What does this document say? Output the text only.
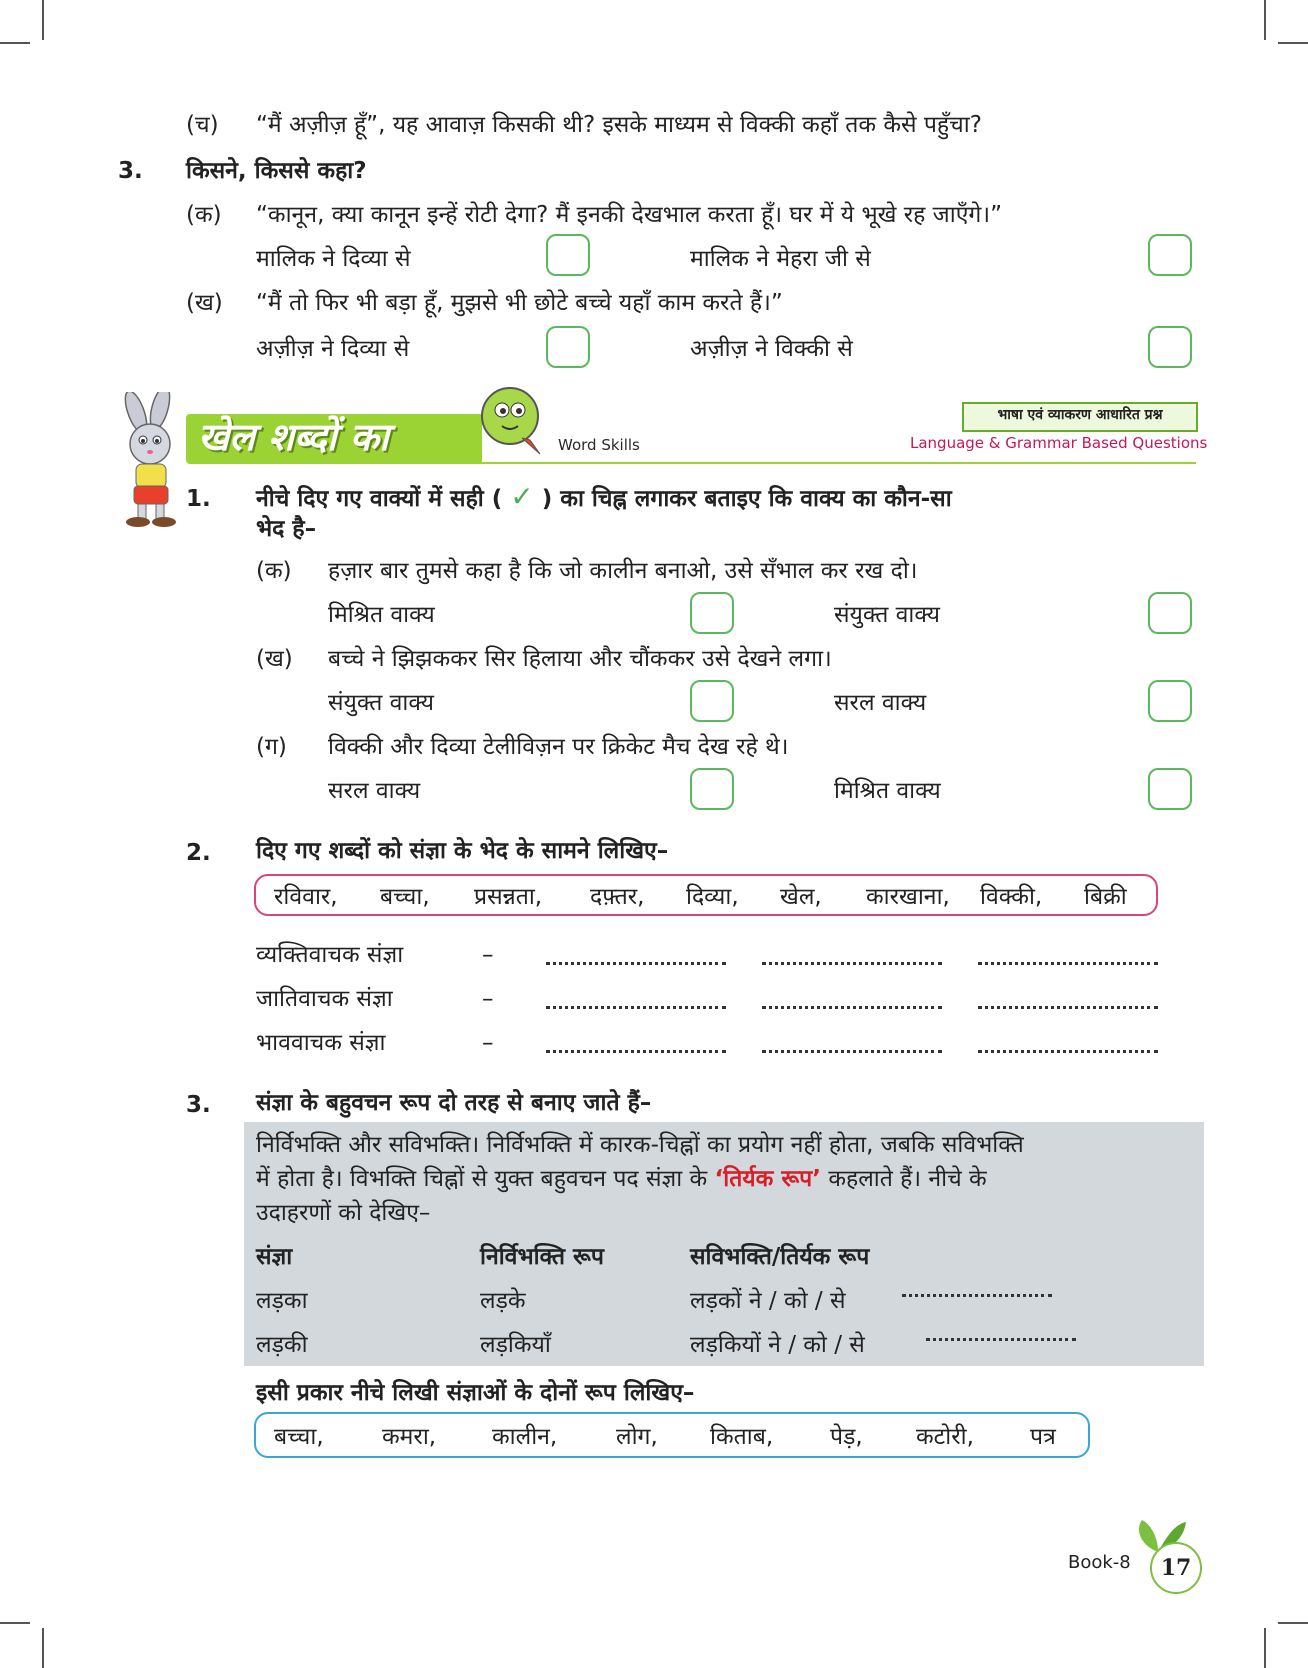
(च) “मैं अज़ीज़ हूँ”, यह आवाज़ किसकी थी? इसके माध्यम से विक्की कहाँ तक कैसे पहुँचा?
3. किसने, किससे कहा?
(क) “कानून, क्या कानून इन्हें रोटी देगा? मैं इनकी देखभाल करता हूँ। घर में ये भूखे रह जाएँगे।”
मालिक ने दिव्या से	मालिक ने मेहरा जी से
(ख) “मैं तो फिर भी बड़ा हूँ, मुझसे भी छोटे बच्चे यहाँ काम करते हैं।”
अज़ीज़ ने दिव्या से	अज़ीज़ ने विक्की से
खेल शब्दों का	Word Skills
भाषा एवं व्याकरण आधारित प्रश्न
Language & Grammar Based Questions
1. नीचे दिए गए वाक्यों में सही ( ✓ ) का चिह्न लगाकर बताइए कि वाक्य का कौन-सा
भेद है–
(क) हज़ार बार तुमसे कहा है कि जो कालीन बनाओ, उसे सँभाल कर रख दो।
मिश्रित वाक्य	संयुक्त वाक्य
(ख) बच्चे ने झिझककर सिर हिलाया और चौंककर उसे देखने लगा।
संयुक्त वाक्य	सरल वाक्य
(ग) विक्की और दिव्या टेलीविज़न पर क्रिकेट मैच देख रहे थे।
सरल वाक्य	मिश्रित वाक्य
2. दिए गए शब्दों को संज्ञा के भेद के सामने लिखिए–
रविवार, बच्चा, प्रसन्नता, दफ़्तर, दिव्या, खेल, कारखाना, विक्की, बिक्री
व्यक्तिवाचक संज्ञा	–
जातिवाचक संज्ञा	–
भाववाचक संज्ञा	–
3. संज्ञा के बहुवचन रूप दो तरह से बनाए जाते हैं–
निर्विभक्ति और सविभक्ति। निर्विभक्ति में कारक-चिह्नों का प्रयोग नहीं होता, जबकि सविभक्ति
में होता है। विभक्ति चिह्नों से युक्त बहुवचन पद संज्ञा के ‘तिर्यक रूप’ कहलाते हैं। नीचे के
उदाहरणों को देखिए–
संज्ञा	निर्विभक्ति रूप	सविभक्ति/तिर्यक रूप
लड़का	लड़के	लड़कों ने / को / से
लड़की	लड़कियाँ	लड़कियों ने / को / से
इसी प्रकार नीचे लिखी संज्ञाओं के दोनों रूप लिखिए–
बच्चा,	कमरा, कालीन,	लोग, किताब, पेड़, कटोरी, पत्र
Book-8	17
